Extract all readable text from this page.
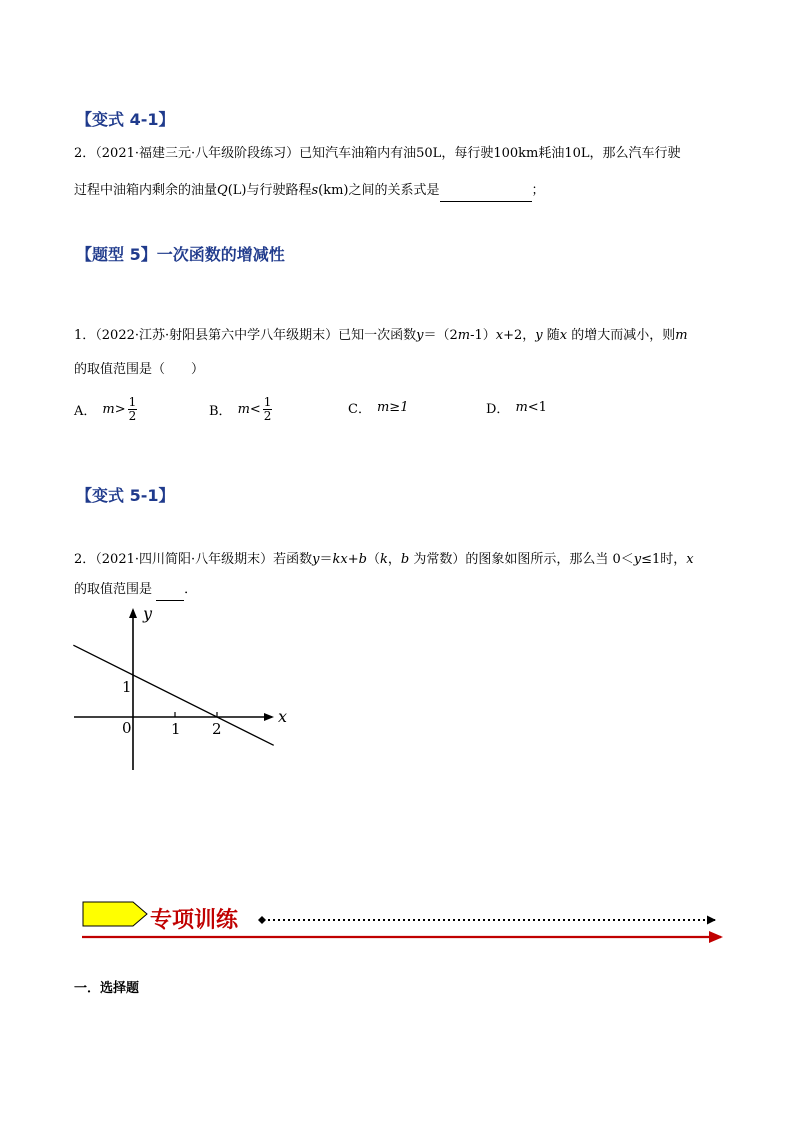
【变式 4-1】
2．（2021·福建三元·八年级阶段练习）已知汽车油箱内有油50L，每行驶100km耗油10L，那么汽车行驶
过程中油箱内剩余的油量Q(L)与行驶路程s(km)之间的关系式是	；
【题型 5】一次函数的增减性
1．（2022·江苏·射阳县第六中学八年级期末）已知一次函数y＝（2m-1）x+2，y 随x 的增大而减小，则m
的取值范围是（　　）
A． $m > \frac{1}{2}$	B． $m < \frac{1}{2}$	C． m ≥ 1	D． m < 1
【变式 5-1】
2．（2021·四川简阳·八年级期末）若函数y＝kx+b（k，b 为常数）的图象如图所示，那么当 0＜y≤1时，x
的取值范围是 ．
y
x
0	1 2
1
专项训练
一．选择题
